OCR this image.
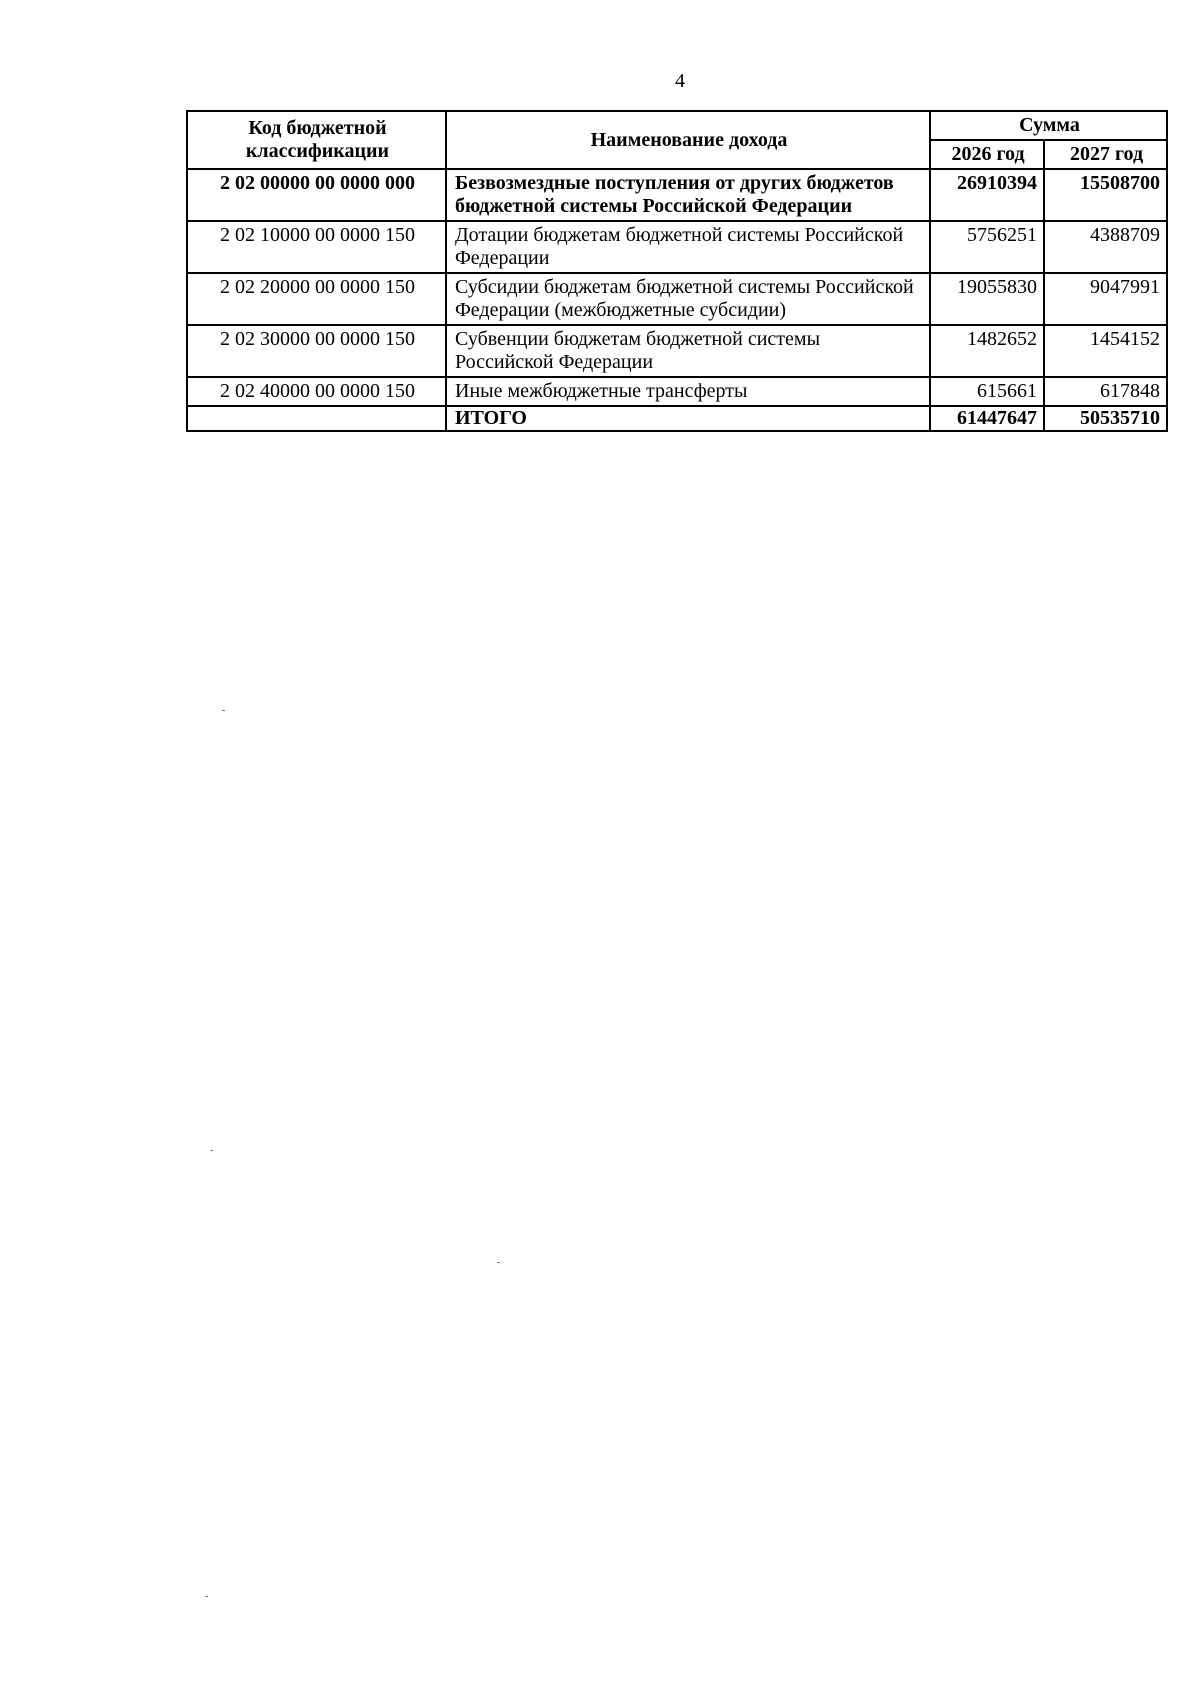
4
Код бюджетной классификации	Наименование дохода	Сумма	
		2026 год	2027 год
2 02 00000 00 0000 000	Безвозмездные поступления от других бюджетов бюджетной системы Российской Федерации	26910394	15508700
2 02 10000 00 0000 150	Дотации бюджетам бюджетной системы Российской Федерации	5756251	4388709
2 02 20000 00 0000 150	Субсидии бюджетам бюджетной системы Российской Федерации (межбюджетные субсидии)	19055830	9047991
2 02 30000 00 0000 150	Субвенции бюджетам бюджетной системы Российской Федерации	1482652	1454152
2 02 40000 00 0000 150	Иные межбюджетные трансферты	615661	617848
	ИТОГО	61447647	50535710
